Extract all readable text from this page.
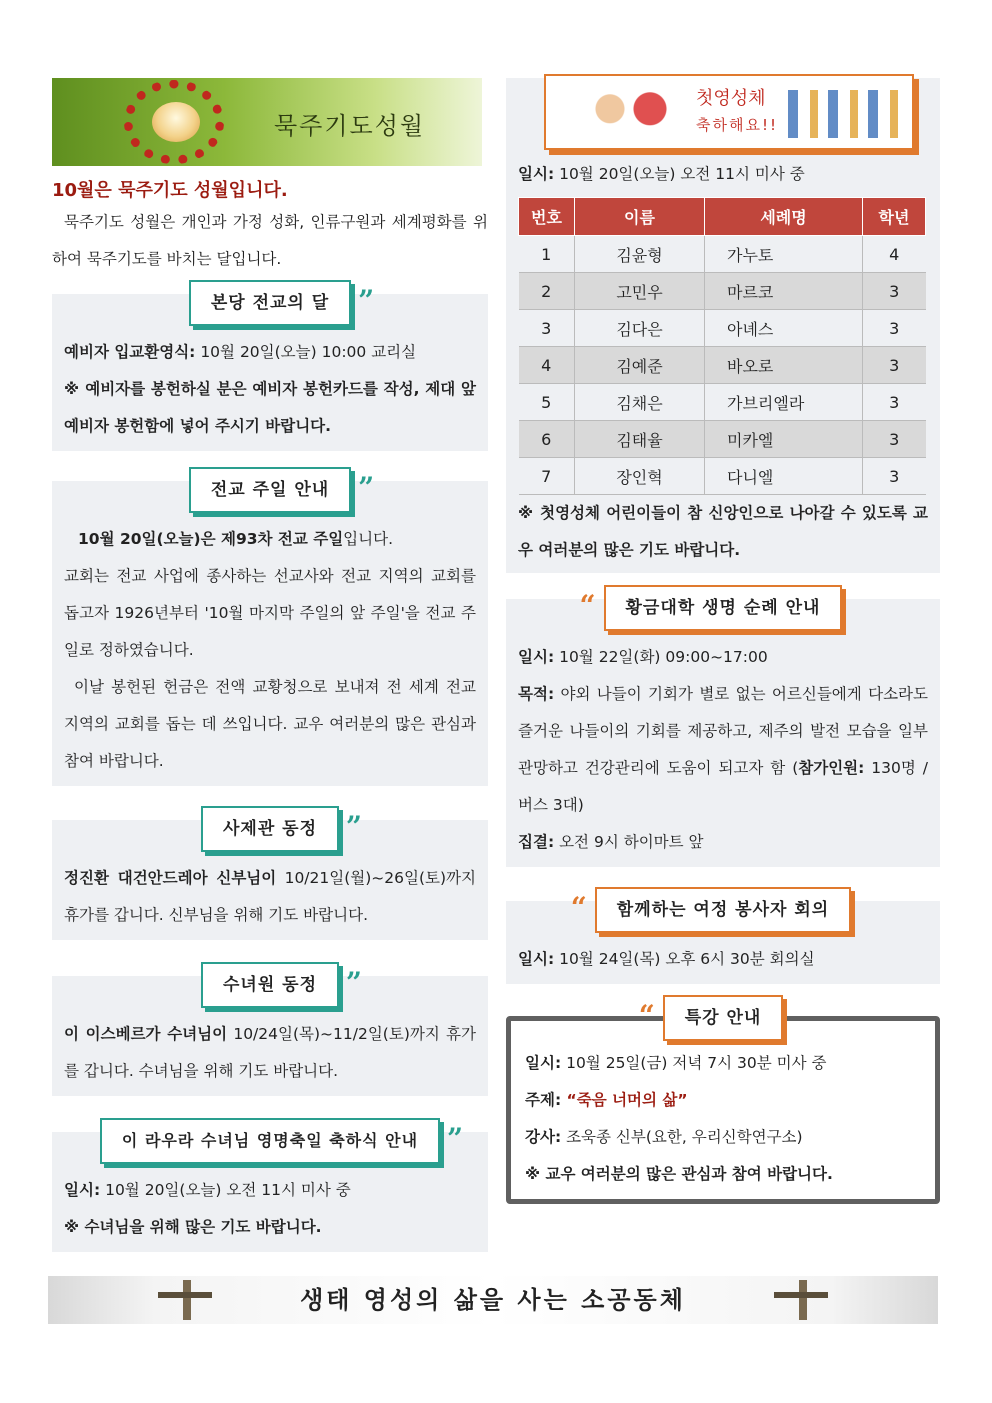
묵주기도성월
10월은 묵주기도 성월입니다.
묵주기도 성월은 개인과 가정 성화, 인류구원과 세계평화를 위하여 묵주기도를 바치는 달입니다.
본당 전교의 달 ”
예비자 입교환영식: 10월 20일(오늘) 10:00 교리실
※ 예비자를 봉헌하실 분은 예비자 봉헌카드를 작성, 제대 앞 예비자 봉헌함에 넣어 주시기 바랍니다.
전교 주일 안내 ”
10월 20일(오늘)은 제93차 전교 주일입니다.
교회는 전교 사업에 종사하는 선교사와 전교 지역의 교회를 돕고자 1926년부터 '10월 마지막 주일의 앞 주일'을 전교 주일로 정하였습니다.
이날 봉헌된 헌금은 전액 교황청으로 보내져 전 세계 전교 지역의 교회를 돕는 데 쓰입니다. 교우 여러분의 많은 관심과 참여 바랍니다.
사제관 동정 ”
정진환 대건안드레아 신부님이 10/21일(월)~26일(토)까지 휴가를 갑니다. 신부님을 위해 기도 바랍니다.
수녀원 동정 ”
이 이스베르가 수녀님이 10/24일(목)~11/2일(토)까지 휴가를 갑니다. 수녀님을 위해 기도 바랍니다.
이 라우라 수녀님 영명축일 축하식 안내 ”
일시: 10월 20일(오늘) 오전 11시 미사 중
※ 수녀님을 위해 많은 기도 바랍니다.
첫영성체
축하해요!!
일시: 10월 20일(오늘) 오전 11시 미사 중
번호	이름	세례명	학년
1	김윤형	가누토	4
2	고민우	마르코	3
3	김다은	아녜스	3
4	김예준	바오로	3
5	김채은	가브리엘라	3
6	김태율	미카엘	3
7	장인혁	다니엘	3
※ 첫영성체 어린이들이 참 신앙인으로 나아갈 수 있도록 교우 여러분의 많은 기도 바랍니다.
“ 황금대학 생명 순례 안내
일시: 10월 22일(화) 09:00~17:00
목적: 야외 나들이 기회가 별로 없는 어르신들에게 다소라도 즐거운 나들이의 기회를 제공하고, 제주의 발전 모습을 일부 관망하고 건강관리에 도움이 되고자 함 (참가인원: 130명 /버스 3대)
집결: 오전 9시 하이마트 앞
“ 함께하는 여정 봉사자 회의
일시: 10월 24일(목) 오후 6시 30분 회의실
“ 특강 안내
일시: 10월 25일(금) 저녁 7시 30분 미사 중
주제: “죽음 너머의 삶”
강사: 조욱종 신부(요한, 우리신학연구소)
※ 교우 여러분의 많은 관심과 참여 바랍니다.
생태 영성의 삶을 사는 소공동체
